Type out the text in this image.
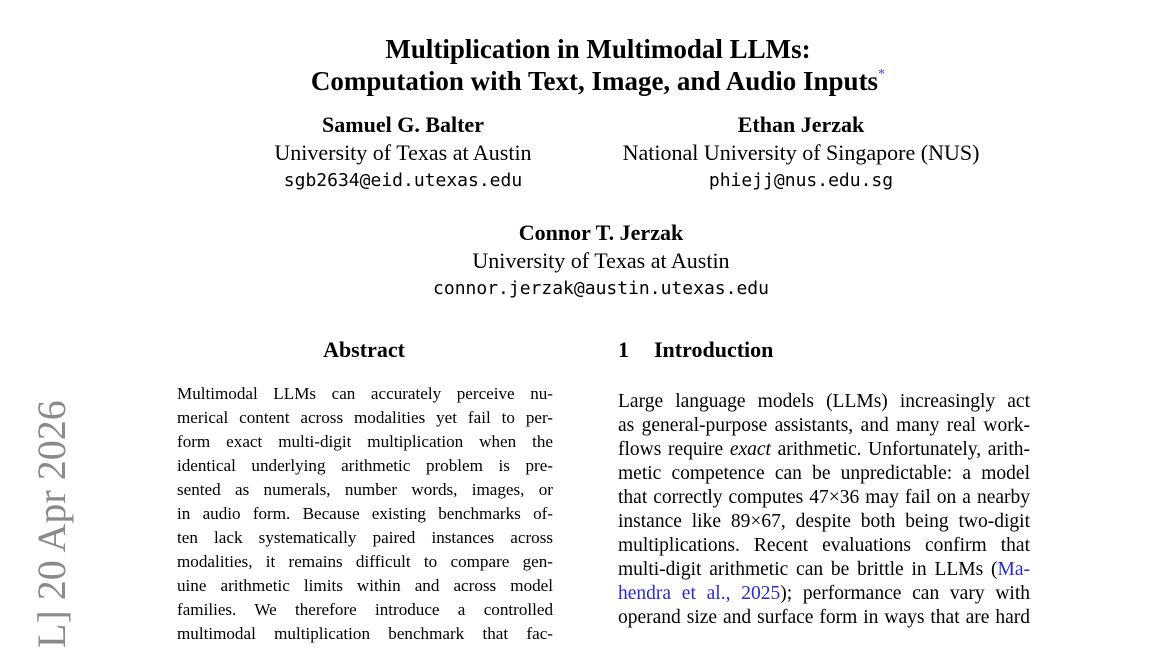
L] 20 Apr 2026
Multiplication in Multimodal LLMs:
Computation with Text, Image, and Audio Inputs*
Samuel G. Balter
University of Texas at Austin
sgb2634@eid.utexas.edu
Ethan Jerzak
National University of Singapore (NUS)
phiejj@nus.edu.sg
Connor T. Jerzak
University of Texas at Austin
connor.jerzak@austin.utexas.edu
Abstract
Multimodal LLMs can accurately perceive nu-
merical content across modalities yet fail to per-
form exact multi-digit multiplication when the
identical underlying arithmetic problem is pre-
sented as numerals, number words, images, or
in audio form. Because existing benchmarks of-
ten lack systematically paired instances across
modalities, it remains difficult to compare gen-
uine arithmetic limits within and across model
families. We therefore introduce a controlled
multimodal multiplication benchmark that fac-
1 Introduction
Large language models (LLMs) increasingly act
as general-purpose assistants, and many real work-
flows require exact arithmetic. Unfortunately, arith-
metic competence can be unpredictable: a model
that correctly computes 47×36 may fail on a nearby
instance like 89×67, despite both being two-digit
multiplications. Recent evaluations confirm that
multi-digit arithmetic can be brittle in LLMs (Ma-
hendra et al., 2025); performance can vary with
operand size and surface form in ways that are hard
